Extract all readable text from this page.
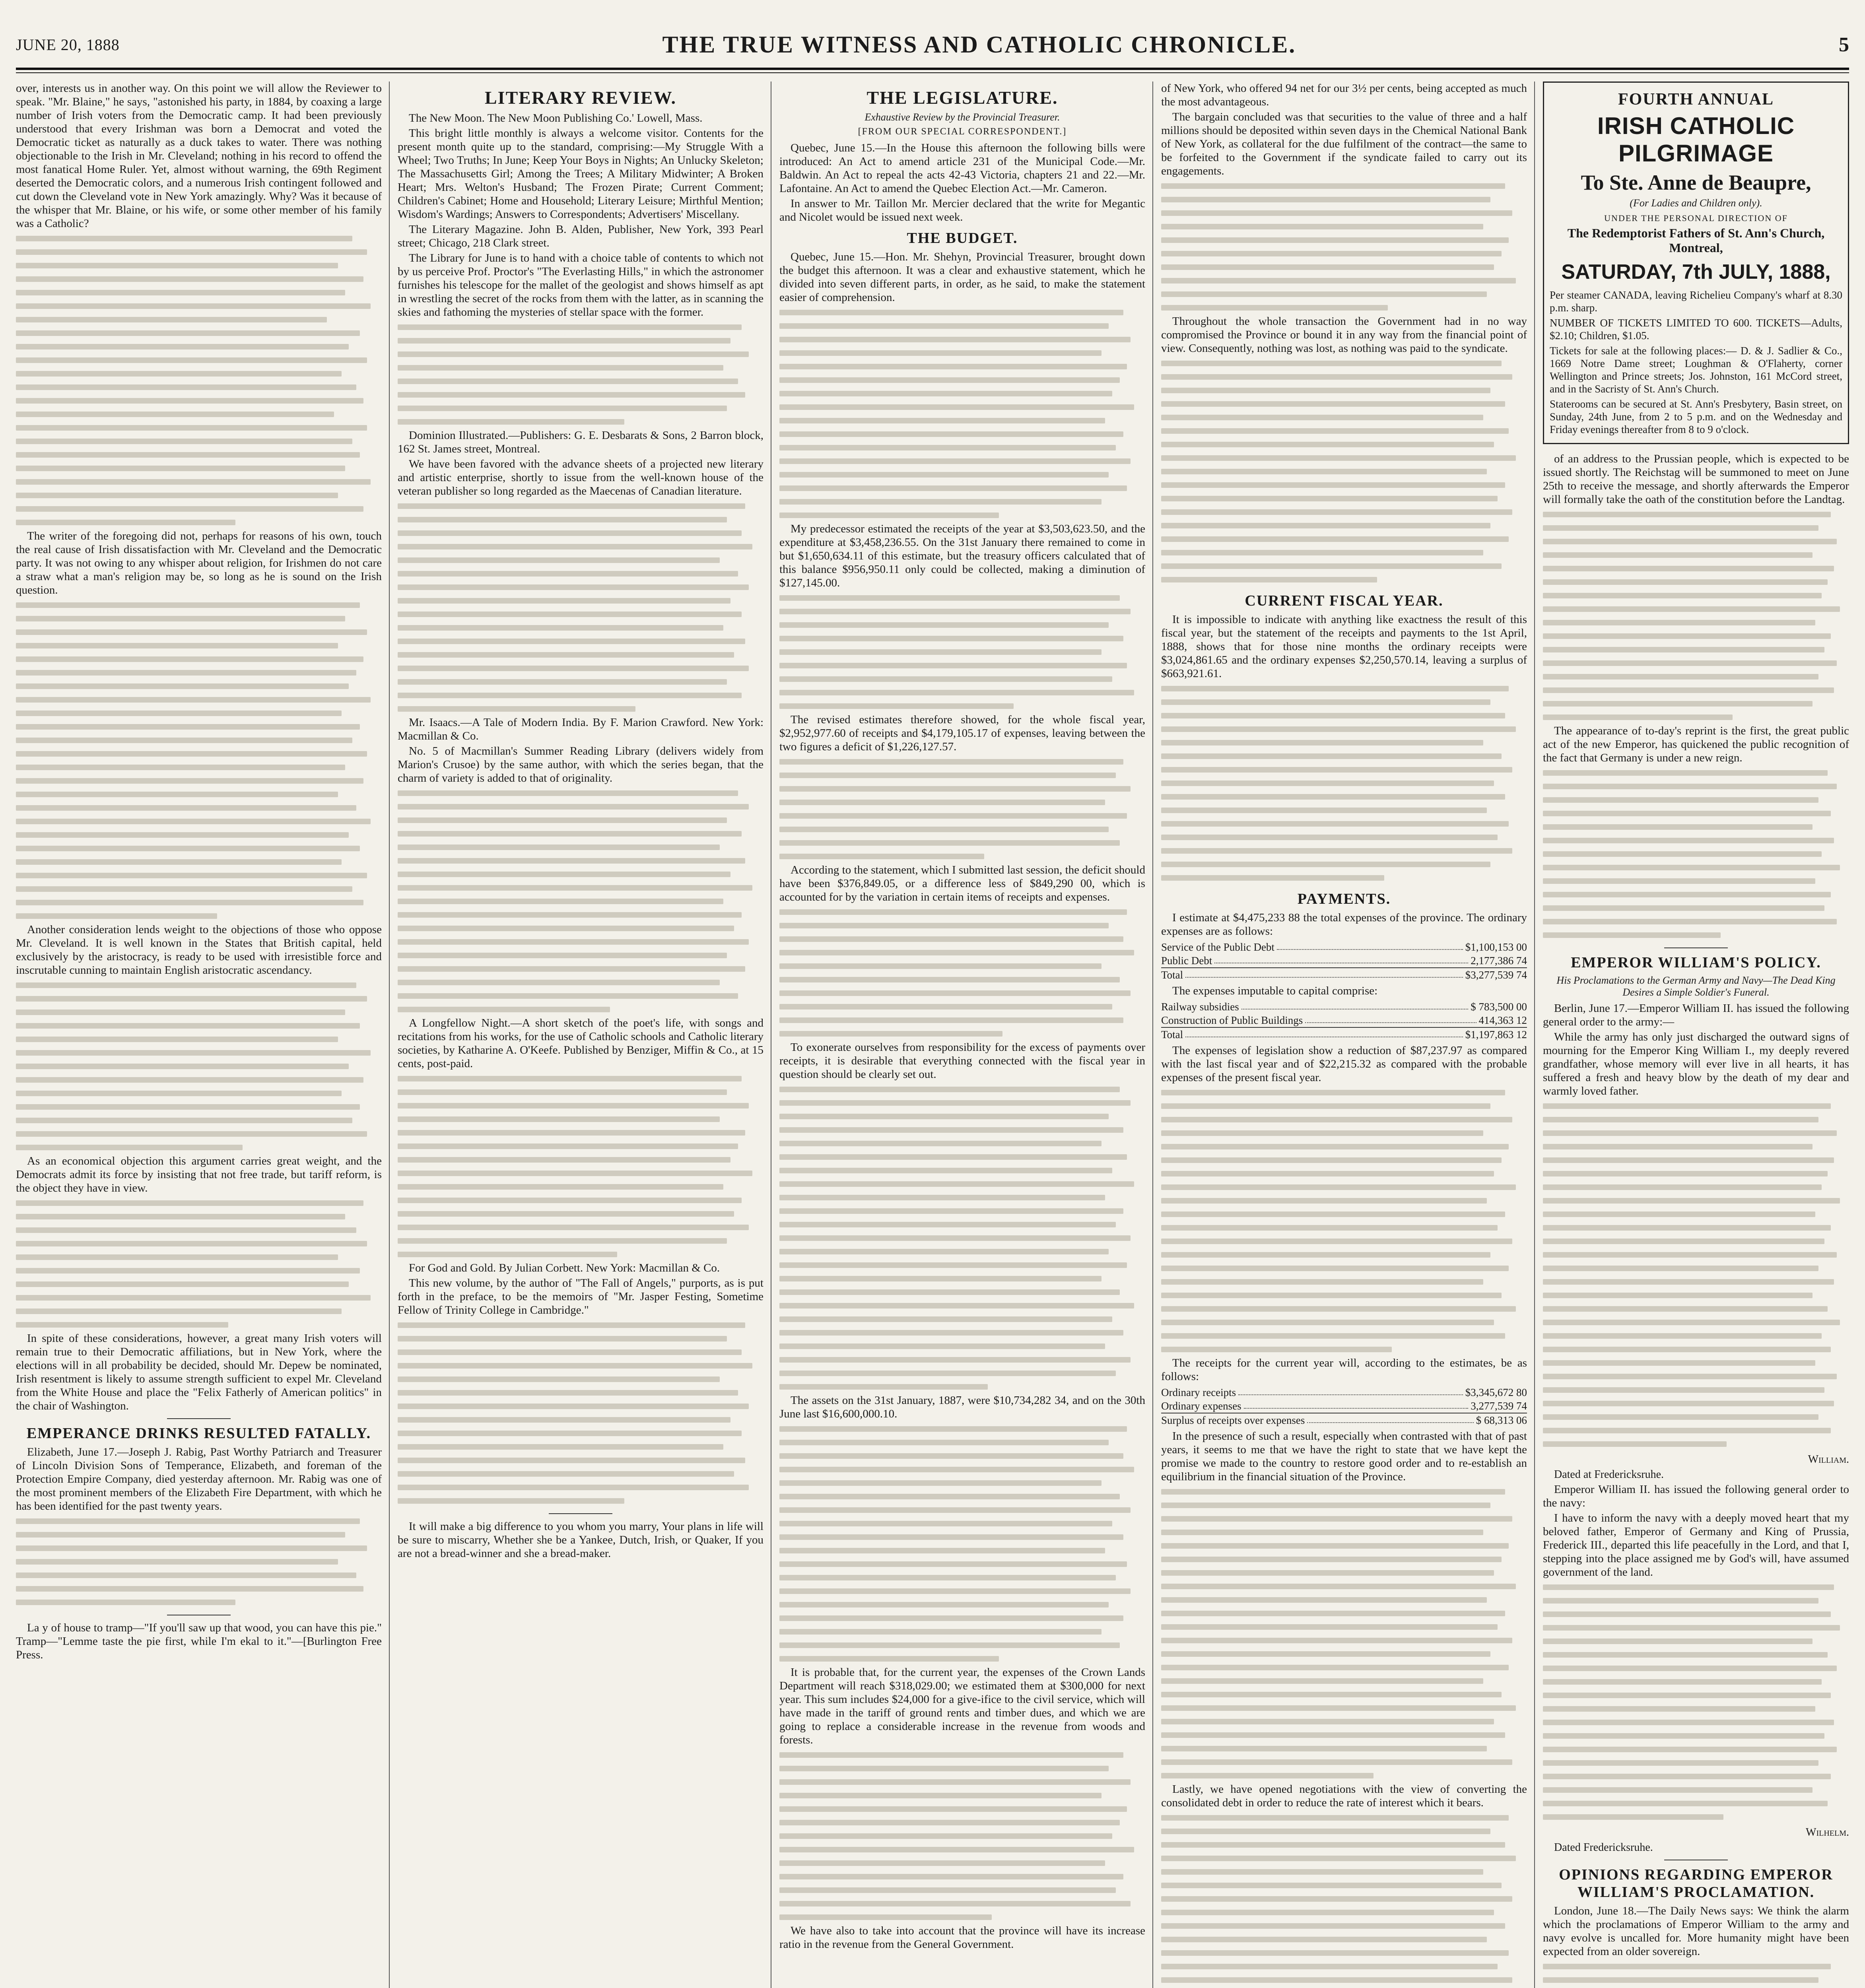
JUNE 20, 1888	THE TRUE WITNESS AND CATHOLIC CHRONICLE.	5

over, interests us in another way. On this point we will allow the Reviewer to speak. "Mr. Blaine," he says, "astonished his party, in 1884, by coaxing a large number of Irish voters from the Democratic camp. It had been previously understood that every Irishman was born a Democrat and voted the Democratic ticket as naturally as a duck takes to water. There was nothing objectionable to the Irish in Mr. Cleveland; nothing in his record to offend the most fanatical Home Ruler. Yet, almost without warning, the 69th Regiment deserted the Democratic colors, and a numerous Irish contingent followed and cut down the Cleveland vote in New York amazingly. Why? Was it because of the whisper that Mr. Blaine, or his wife, or some other member of his family was a Catholic?

The writer of the foregoing did not, perhaps for reasons of his own, touch the real cause of Irish dissatisfaction with Mr. Cleveland and the Democratic party. It was not owing to any whisper about religion, for Irishmen do not care a straw what a man's religion may be, so long as he is sound on the Irish question.

Another consideration lends weight to the objections of those who oppose Mr. Cleveland. It is well known in the States that British capital, held exclusively by the aristocracy, is ready to be used with irresistible force and inscrutable cunning to maintain English aristocratic ascendancy.

As an economical objection this argument carries great weight, and the Democrats admit its force by insisting that not free trade, but tariff reform, is the object they have in view.

In spite of these considerations, however, a great many Irish voters will remain true to their Democratic affiliations, but in New York, where the elections will in all probability be decided, should Mr. Depew be nominated, Irish resentment is likely to assume strength sufficient to expel Mr. Cleveland from the White House and place the "Felix Fatherly of American politics" in the chair of Washington.

EMPERANCE DRINKS RESULTED FATALLY.

Elizabeth, June 17.—Joseph J. Rabig, Past Worthy Patriarch and Treasurer of Lincoln Division Sons of Temperance, Elizabeth, and foreman of the Protection Empire Company, died yesterday afternoon. Mr. Rabig was one of the most prominent members of the Elizabeth Fire Department, with which he has been identified for the past twenty years.

La y of house to tramp—"If you'll saw up that wood, you can have this pie." Tramp—"Lemme taste the pie first, while I'm ekal to it."—[Burlington Free Press.

LITERARY REVIEW.

The New Moon. The New Moon Publishing Co.' Lowell, Mass.

This bright little monthly is always a welcome visitor. Contents for the present month quite up to the standard, comprising:—My Struggle With a Wheel; Two Truths; In June; Keep Your Boys in Nights; An Unlucky Skeleton; The Massachusetts Girl; Among the Trees; A Military Midwinter; A Broken Heart; Mrs. Welton's Husband; The Frozen Pirate; Current Comment; Children's Cabinet; Home and Household; Literary Leisure; Mirthful Mention; Wisdom's Wardings; Answers to Correspondents; Advertisers' Miscellany.

The Literary Magazine. John B. Alden, Publisher, New York, 393 Pearl street; Chicago, 218 Clark street.

The Library for June is to hand with a choice table of contents to which not by us perceive Prof. Proctor's "The Everlasting Hills," in which the astronomer furnishes his telescope for the mallet of the geologist and shows himself as apt in wrestling the secret of the rocks from them with the latter, as in scanning the skies and fathoming the mysteries of stellar space with the former.

Dominion Illustrated.—Publishers: G. E. Desbarats & Sons, 2 Barron block, 162 St. James street, Montreal.

We have been favored with the advance sheets of a projected new literary and artistic enterprise, shortly to issue from the well-known house of the veteran publisher so long regarded as the Maecenas of Canadian literature.

Mr. Isaacs.—A Tale of Modern India. By F. Marion Crawford. New York: Macmillan & Co.

No. 5 of Macmillan's Summer Reading Library (delivers widely from Marion's Crusoe) by the same author, with which the series began, that the charm of variety is added to that of originality.

A Longfellow Night.—A short sketch of the poet's life, with songs and recitations from his works, for the use of Catholic schools and Catholic literary societies, by Katharine A. O'Keefe. Published by Benziger, Miffin & Co., at 15 cents, post-paid.

For God and Gold. By Julian Corbett. New York: Macmillan & Co.

This new volume, by the author of "The Fall of Angels," purports, as is put forth in the preface, to be the memoirs of "Mr. Jasper Festing, Sometime Fellow of Trinity College in Cambridge."

It will make a big difference to you whom you marry, Your plans in life will be sure to miscarry, Whether she be a Yankee, Dutch, Irish, or Quaker, If you are not a bread-winner and she a bread-maker.

THE LEGISLATURE.
Exhaustive Review by the Provincial Treasurer.
[FROM OUR SPECIAL CORRESPONDENT.]

Quebec, June 15.—In the House this afternoon the following bills were introduced: An Act to amend article 231 of the Municipal Code.—Mr. Baldwin. An Act to repeal the acts 42-43 Victoria, chapters 21 and 22.—Mr. Lafontaine. An Act to amend the Quebec Election Act.—Mr. Cameron.

In answer to Mr. Taillon Mr. Mercier declared that the write for Megantic and Nicolet would be issued next week.

THE BUDGET.

Quebec, June 15.—Hon. Mr. Shehyn, Provincial Treasurer, brought down the budget this afternoon. It was a clear and exhaustive statement, which he divided into seven different parts, in order, as he said, to make the statement easier of comprehension.

My predecessor estimated the receipts of the year at $3,503,623.50, and the expenditure at $3,458,236.55. On the 31st January there remained to come in but $1,650,634.11 of this estimate, but the treasury officers calculated that of this balance $956,950.11 only could be collected, making a diminution of $127,145.00.

The revised estimates therefore showed, for the whole fiscal year, $2,952,977.60 of receipts and $4,179,105.17 of expenses, leaving between the two figures a deficit of $1,226,127.57.

According to the statement, which I submitted last session, the deficit should have been $376,849.05, or a difference less of $849,290 00, which is accounted for by the variation in certain items of receipts and expenses.

To exonerate ourselves from responsibility for the excess of payments over receipts, it is desirable that everything connected with the fiscal year in question should be clearly set out.

The assets on the 31st January, 1887, were $10,734,282 34, and on the 30th June last $16,600,000.10.

It is probable that, for the current year, the expenses of the Crown Lands Department will reach $318,029.00; we estimated them at $300,000 for next year. This sum includes $24,000 for a give-ifice to the civil service, which will have made in the tariff of ground rents and timber dues, and which we are going to replace a considerable increase in the revenue from woods and forests.

We have also to take into account that the province will have its increase ratio in the revenue from the General Government.

of New York, who offered 94 net for our 3½ per cents, being accepted as much the most advantageous.

The bargain concluded was that securities to the value of three and a half millions should be deposited within seven days in the Chemical National Bank of New York, as collateral for the due fulfilment of the contract—the same to be forfeited to the Government if the syndicate failed to carry out its engagements.

Throughout the whole transaction the Government had in no way compromised the Province or bound it in any way from the financial point of view. Consequently, nothing was lost, as nothing was paid to the syndicate.

CURRENT FISCAL YEAR.

It is impossible to indicate with anything like exactness the result of this fiscal year, but the statement of the receipts and payments to the 1st April, 1888, shows that for those nine months the ordinary receipts were $3,024,861.65 and the ordinary expenses $2,250,570.14, leaving a surplus of $663,921.61.

PAYMENTS.

I estimate at $4,475,233 88 the total expenses of the province. The ordinary expenses are as follows:

Service of the Public Debt	$1,100,153 00
Public Debt	2,177,386 74
Total	$3,277,539 74

The expenses imputable to capital comprise:

Railway subsidies	$ 783,500 00
Construction of Public Buildings	414,363 12
Total	$1,197,863 12

The expenses of legislation show a reduction of $87,237.97 as compared with the last fiscal year and of $22,215.32 as compared with the probable expenses of the present fiscal year.

The receipts for the current year will, according to the estimates, be as follows:

Ordinary receipts	$3,345,672 80
Ordinary expenses	3,277,539 74
Surplus of receipts over expenses	$ 68,313 06

In the presence of such a result, especially when contrasted with that of past years, it seems to me that we have the right to state that we have kept the promise we made to the country to restore good order and to re-establish an equilibrium in the financial situation of the Province.

Lastly, we have opened negotiations with the view of converting the consolidated debt in order to reduce the rate of interest which it bears.

FOURTH ANNUAL
IRISH CATHOLIC PILGRIMAGE
To Ste. Anne de Beaupre,
(For Ladies and Children only).
UNDER THE PERSONAL DIRECTION OF
The Redemptorist Fathers of St. Ann's Church, Montreal,
SATURDAY, 7th JULY, 1888,
Per steamer CANADA, leaving Richelieu Company's wharf at 8.30 p.m. sharp.
NUMBER OF TICKETS LIMITED TO 600. TICKETS—Adults, $2.10; Children, $1.05.
Tickets for sale at the following places:— D. & J. Sadlier & Co., 1669 Notre Dame street; Loughman & O'Flaherty, corner Wellington and Prince streets; Jos. Johnston, 161 McCord street, and in the Sacristy of St. Ann's Church.
Staterooms can be secured at St. Ann's Presbytery, Basin street, on Sunday, 24th June, from 2 to 5 p.m. and on the Wednesday and Friday evenings thereafter from 8 to 9 o'clock.

of an address to the Prussian people, which is expected to be issued shortly. The Reichstag will be summoned to meet on June 25th to receive the message, and shortly afterwards the Emperor will formally take the oath of the constitution before the Landtag.

The appearance of to-day's reprint is the first, the great public act of the new Emperor, has quickened the public recognition of the fact that Germany is under a new reign.

EMPEROR WILLIAM'S POLICY.
His Proclamations to the German Army and Navy—The Dead King Desires a Simple Soldier's Funeral.

Berlin, June 17.—Emperor William II. has issued the following general order to the army:—

While the army has only just discharged the outward signs of mourning for the Emperor King William I., my deeply revered grandfather, whose memory will ever live in all hearts, it has suffered a fresh and heavy blow by the death of my dear and warmly loved father.

William.
Dated at Fredericksruhe.

Emperor William II. has issued the following general order to the navy:

I have to inform the navy with a deeply moved heart that my beloved father, Emperor of Germany and King of Prussia, Frederick III., departed this life peacefully in the Lord, and that I, stepping into the place assigned me by God's will, have assumed government of the land.

Wilhelm.
Dated Fredericksruhe.
OPINIONS REGARDING EMPEROR WILLIAM'S PROCLAMATION.

London, June 18.—The Daily News says: We think the alarm which the proclamations of Emperor William to the army and navy evolve is uncalled for. More humanity might have been expected from an older sovereign.
